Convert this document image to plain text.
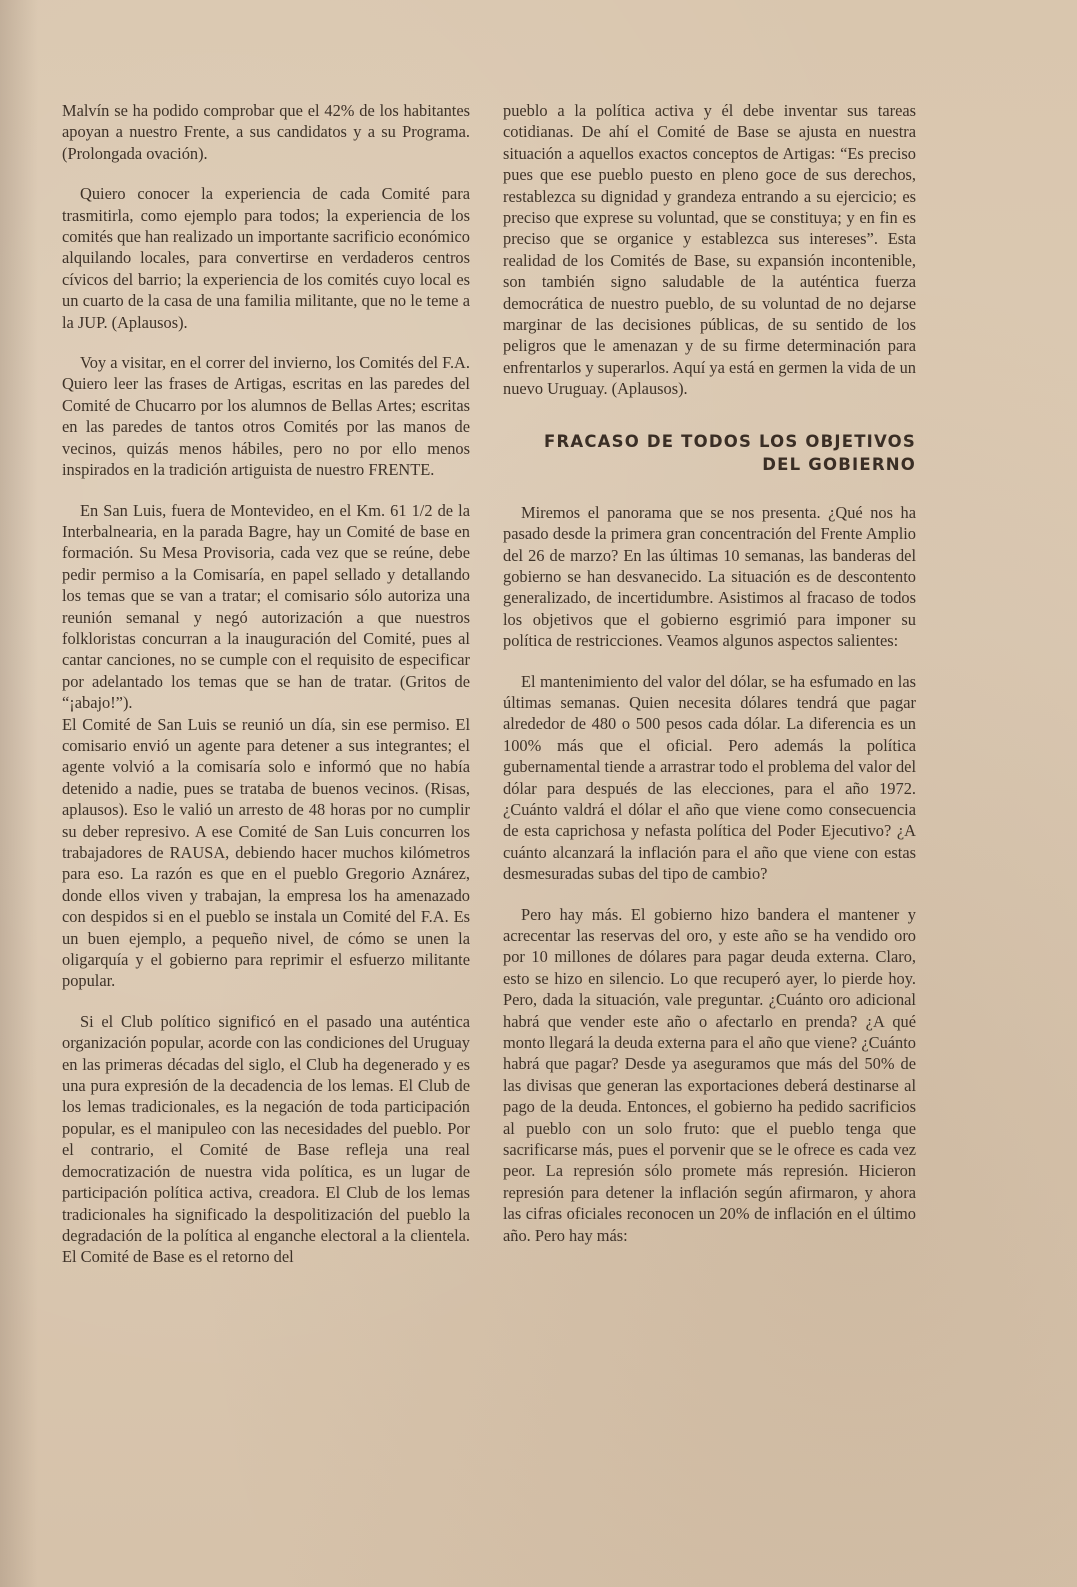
Malvín se ha podido comprobar que el 42% de los habitantes apoyan a nuestro Frente, a sus candidatos y a su Programa. (Prolongada ovación).

Quiero conocer la experiencia de cada Comité para trasmitirla, como ejemplo para todos; la experiencia de los comités que han realizado un importante sacrificio económico alquilando locales, para convertirse en verdaderos centros cívicos del barrio; la experiencia de los comités cuyo local es un cuarto de la casa de una familia militante, que no le teme a la JUP. (Aplausos).

Voy a visitar, en el correr del invierno, los Comités del F.A. Quiero leer las frases de Artigas, escritas en las paredes del Comité de Chucarro por los alumnos de Bellas Artes; escritas en las paredes de tantos otros Comités por las manos de vecinos, quizás menos hábiles, pero no por ello menos inspirados en la tradición artiguista de nuestro FRENTE.

En San Luis, fuera de Montevideo, en el Km. 61 1/2 de la Interbalnearia, en la parada Bagre, hay un Comité de base en formación. Su Mesa Provisoria, cada vez que se reúne, debe pedir permiso a la Comisaría, en papel sellado y detallando los temas que se van a tratar; el comisario sólo autoriza una reunión semanal y negó autorización a que nuestros folkloristas concurran a la inauguración del Comité, pues al cantar canciones, no se cumple con el requisito de especificar por adelantado los temas que se han de tratar. (Gritos de “¡abajo!”).

El Comité de San Luis se reunió un día, sin ese permiso. El comisario envió un agente para detener a sus integrantes; el agente volvió a la comisaría solo e informó que no había detenido a nadie, pues se trataba de buenos vecinos. (Risas, aplausos). Eso le valió un arresto de 48 horas por no cumplir su deber represivo. A ese Comité de San Luis concurren los trabajadores de RAUSA, debiendo hacer muchos kilómetros para eso. La razón es que en el pueblo Gregorio Aznárez, donde ellos viven y trabajan, la empresa los ha amenazado con despidos si en el pueblo se instala un Comité del F.A. Es un buen ejemplo, a pequeño nivel, de cómo se unen la oligarquía y el gobierno para reprimir el esfuerzo militante popular.

Si el Club político significó en el pasado una auténtica organización popular, acorde con las condiciones del Uruguay en las primeras décadas del siglo, el Club ha degenerado y es una pura expresión de la decadencia de los lemas. El Club de los lemas tradicionales, es la negación de toda participación popular, es el manipuleo con las necesidades del pueblo. Por el contrario, el Comité de Base refleja una real democratización de nuestra vida política, es un lugar de participación política activa, creadora. El Club de los lemas tradicionales ha significado la despolitización del pueblo la degradación de la política al enganche electoral a la clientela. El Comité de Base es el retorno del

pueblo a la política activa y él debe inventar sus tareas cotidianas. De ahí el Comité de Base se ajusta en nuestra situación a aquellos exactos conceptos de Artigas: “Es preciso pues que ese pueblo puesto en pleno goce de sus derechos, restablezca su dignidad y grandeza entrando a su ejercicio; es preciso que exprese su voluntad, que se constituya; y en fin es preciso que se organice y establezca sus intereses”. Esta realidad de los Comités de Base, su expansión incontenible, son también signo saludable de la auténtica fuerza democrática de nuestro pueblo, de su voluntad de no dejarse marginar de las decisiones públicas, de su sentido de los peligros que le amenazan y de su firme determinación para enfrentarlos y superarlos. Aquí ya está en germen la vida de un nuevo Uruguay. (Aplausos).

FRACASO DE TODOS LOS OBJETIVOS
DEL GOBIERNO

Miremos el panorama que se nos presenta. ¿Qué nos ha pasado desde la primera gran concentración del Frente Amplio del 26 de marzo? En las últimas 10 semanas, las banderas del gobierno se han desvanecido. La situación es de descontento generalizado, de incertidumbre. Asistimos al fracaso de todos los objetivos que el gobierno esgrimió para imponer su política de restricciones. Veamos algunos aspectos salientes:

El mantenimiento del valor del dólar, se ha esfumado en las últimas semanas. Quien necesita dólares tendrá que pagar alrededor de 480 o 500 pesos cada dólar. La diferencia es un 100% más que el oficial. Pero además la política gubernamental tiende a arrastrar todo el problema del valor del dólar para después de las elecciones, para el año 1972. ¿Cuánto valdrá el dólar el año que viene como consecuencia de esta caprichosa y nefasta política del Poder Ejecutivo? ¿A cuánto alcanzará la inflación para el año que viene con estas desmesuradas subas del tipo de cambio?

Pero hay más. El gobierno hizo bandera el mantener y acrecentar las reservas del oro, y este año se ha vendido oro por 10 millones de dólares para pagar deuda externa. Claro, esto se hizo en silencio. Lo que recuperó ayer, lo pierde hoy. Pero, dada la situación, vale preguntar. ¿Cuánto oro adicional habrá que vender este año o afectarlo en prenda? ¿A qué monto llegará la deuda externa para el año que viene? ¿Cuánto habrá que pagar? Desde ya aseguramos que más del 50% de las divisas que generan las exportaciones deberá destinarse al pago de la deuda. Entonces, el gobierno ha pedido sacrificios al pueblo con un solo fruto: que el pueblo tenga que sacrificarse más, pues el porvenir que se le ofrece es cada vez peor. La represión sólo promete más represión. Hicieron represión para detener la inflación según afirmaron, y ahora las cifras oficiales reconocen un 20% de inflación en el último año. Pero hay más:
